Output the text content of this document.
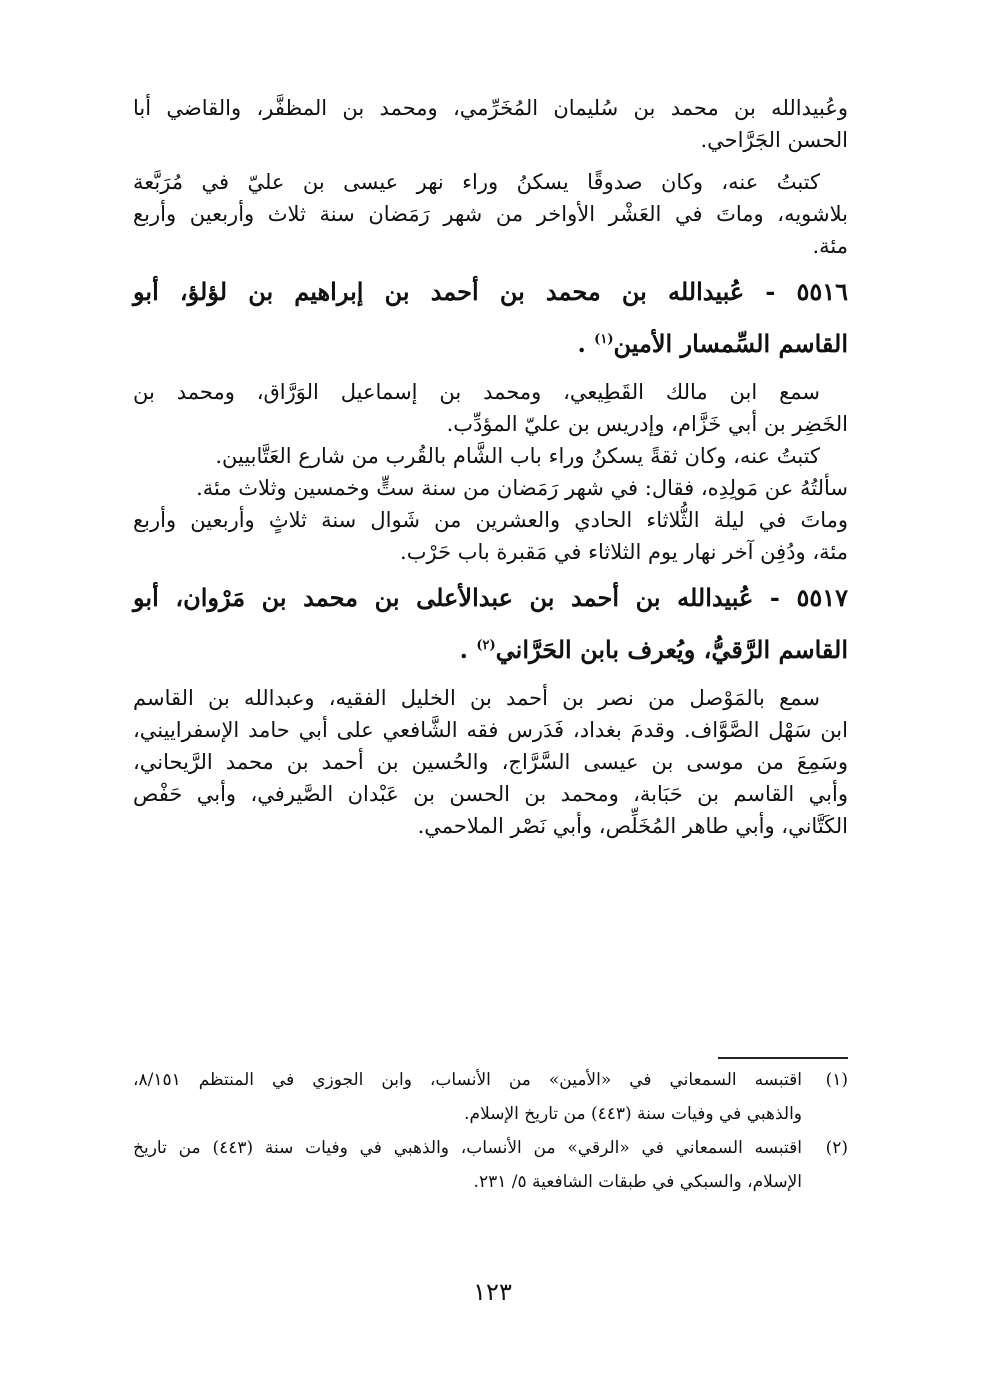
وعُبيدالله بن محمد بن سُليمان المُخَرِّمي، ومحمد بن المظفَّر، والقاضي أبا
الحسن الجَرَّاحي.
كتبتُ عنه، وكان صدوقًا يسكنُ وراء نهر عيسى بن عليّ في مُرَبَّعة
بلاشويه، وماتَ في العَشْر الأواخر من شهر رَمَضان سنة ثلاث وأربعين وأربع
مئة.
٥٥١٦ - عُبيدالله بن محمد بن أحمد بن إبراهيم بن لؤلؤ، أبو
القاسم السِّمسار الأمين$^{(١)}$ .
سمع ابن مالك القَطِيعي، ومحمد بن إسماعيل الوَرَّاق، ومحمد بن
الخَضِر بن أبي خَزَّام، وإدريس بن عليّ المؤدِّب.
كتبتُ عنه، وكان ثقةً يسكنُ وراء باب الشَّام بالقُرب من شارع العَتَّابيين.
سألتُهُ عن مَولِدِه، فقال: في شهر رَمَضان من سنة ستٍّ وخمسين وثلاث مئة.
وماتَ في ليلة الثُّلاثاء الحادي والعشرين من شَوال سنة ثلاثٍ وأربعين وأربع
مئة، ودُفِن آخر نهار يوم الثلاثاء في مَقبرة باب حَرْب.
٥٥١٧ - عُبيدالله بن أحمد بن عبدالأعلى بن محمد بن مَرْوان، أبو
القاسم الرَّقيُّ، ويُعرف بابن الحَرَّاني$^{(٢)}$ .
سمع بالمَوْصل من نصر بن أحمد بن الخليل الفقيه، وعبدالله بن القاسم
ابن سَهْل الصَّوَّاف. وقدمَ بغداد، فَدَرس فقه الشَّافعي على أبي حامد الإسفراييني،
وسَمِعَ من موسى بن عيسى السَّرَّاج، والحُسين بن أحمد بن محمد الرَّيحاني،
وأبي القاسم بن حَبَابة، ومحمد بن الحسن بن عَبْدان الصَّيرفي، وأبي حَفْص
الكَتَّاني، وأبي طاهر المُخَلِّص، وأبي نَصْر الملاحمي.
(١)
اقتبسه السمعاني في «الأمين» من الأنساب، وابن الجوزي في المنتظم ٨/١٥١،
والذهبي في وفيات سنة (٤٤٣) من تاريخ الإسلام.
(٢)
اقتبسه السمعاني في «الرقي» من الأنساب، والذهبي في وفيات سنة (٤٤٣) من تاريخ
الإسلام، والسبكي في طبقات الشافعية ٥/ ٢٣١.
١٢٣
